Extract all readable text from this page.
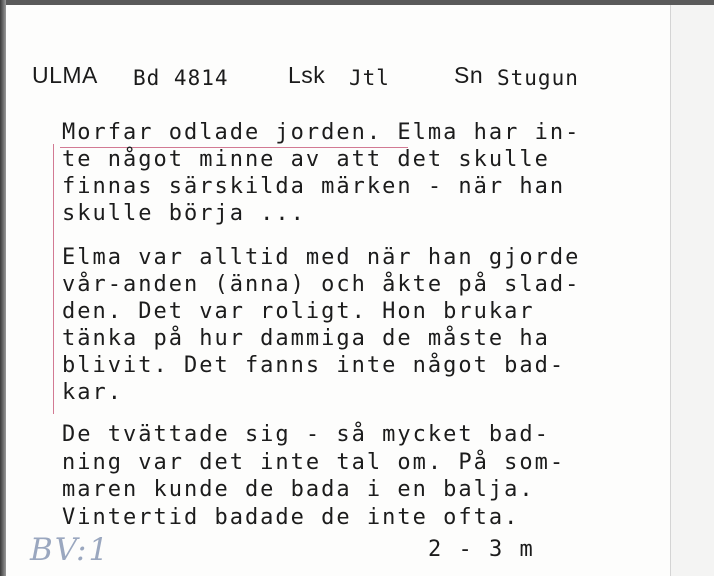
ULMA Bd 4814	Lsk Jtl	Sn Stugun
Morfar odlade jorden. Elma har in-
te något minne av att det skulle
finnas särskilda märken - när han
skulle börja ...
Elma var alltid med när han gjorde
vår-anden (änna) och åkte på slad-
den. Det var roligt. Hon brukar
tänka på hur dammiga de måste ha
blivit. Det fanns inte något bad-
kar.
De tvättade sig - så mycket bad-
ning var det inte tal om. På som-
maren kunde de bada i en balja.
Vintertid badade de inte ofta.
BV:1	2 - 3 m
